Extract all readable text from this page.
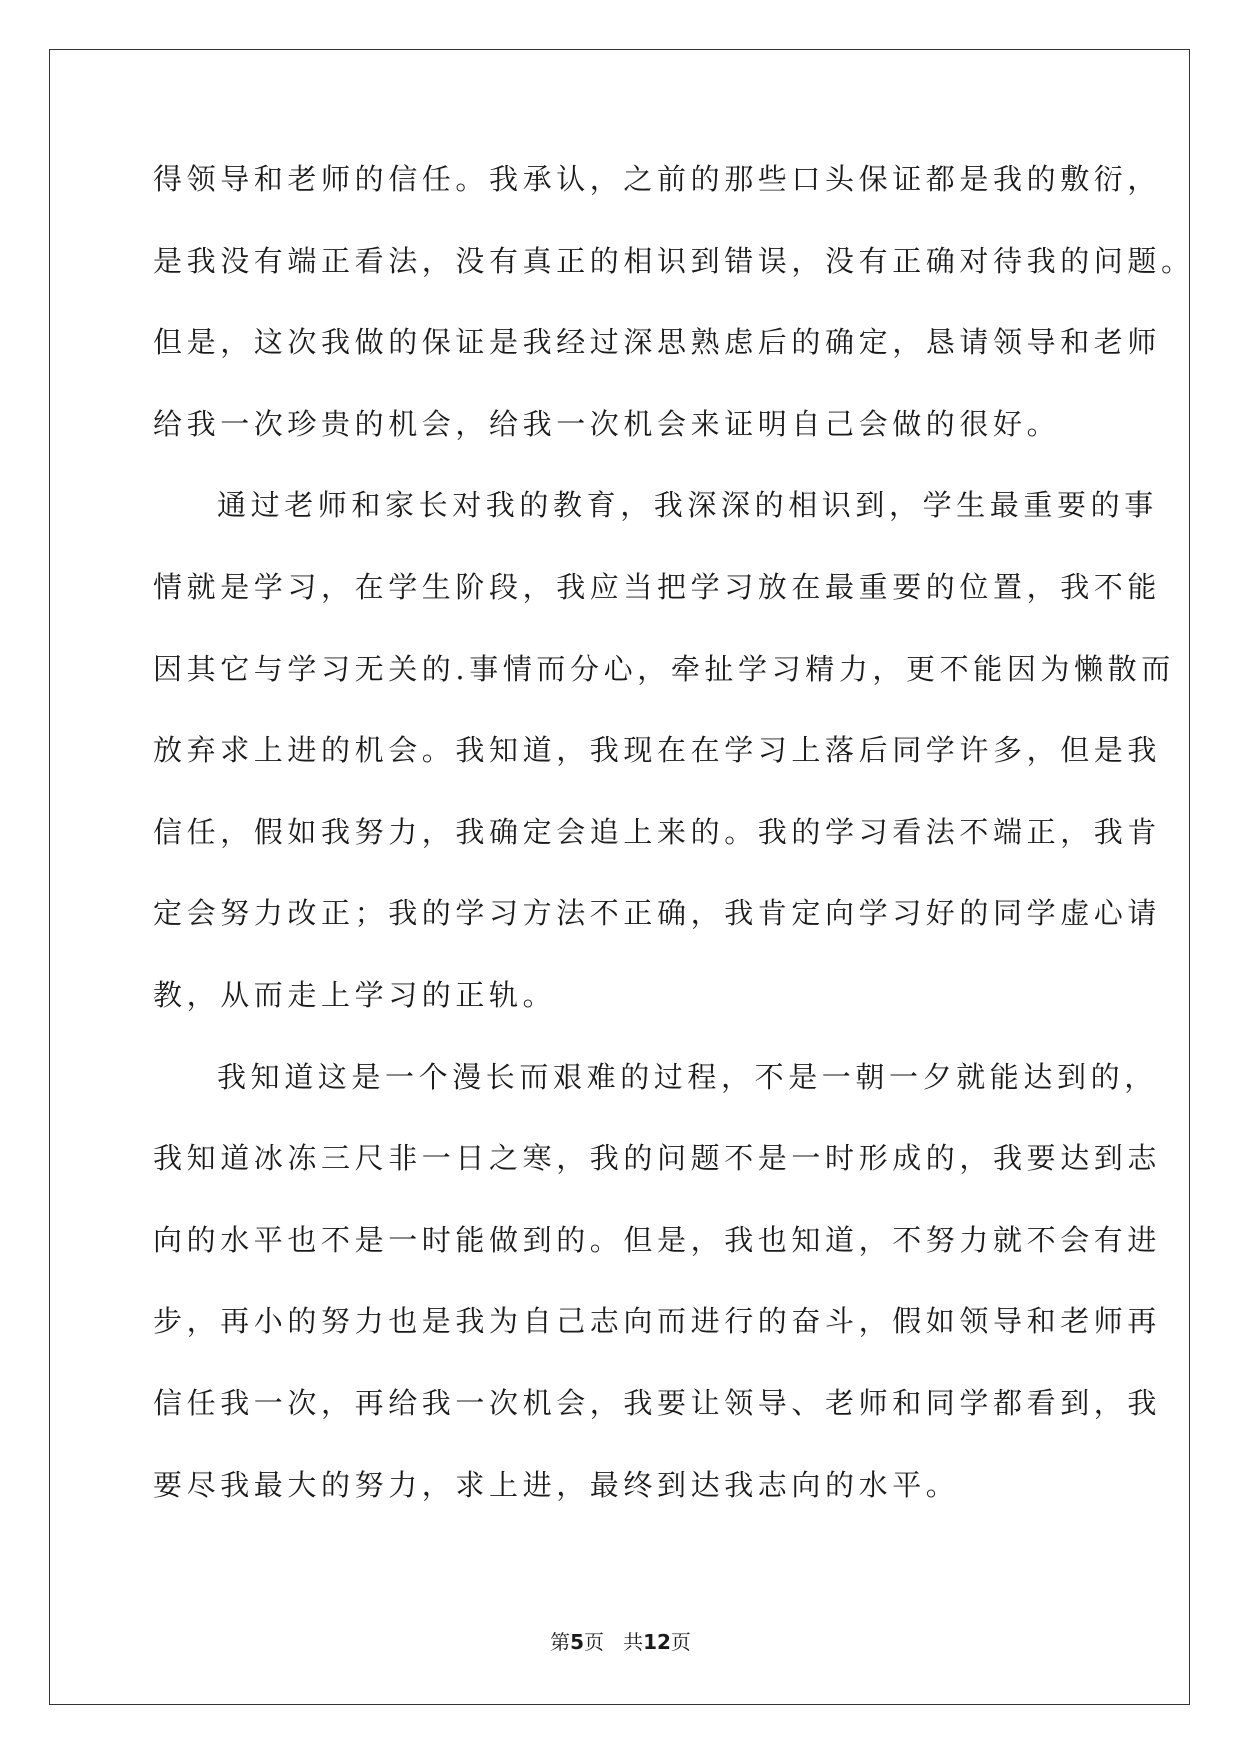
得领导和老师的信任。我承认，之前的那些口头保证都是我的敷衍，
是我没有端正看法，没有真正的相识到错误，没有正确对待我的问题。
但是，这次我做的保证是我经过深思熟虑后的确定，恳请领导和老师
给我一次珍贵的机会，给我一次机会来证明自己会做的很好。
通过老师和家长对我的教育，我深深的相识到，学生最重要的事
情就是学习，在学生阶段，我应当把学习放在最重要的位置，我不能
因其它与学习无关的.事情而分心，牵扯学习精力，更不能因为懒散而
放弃求上进的机会。我知道，我现在在学习上落后同学许多，但是我
信任，假如我努力，我确定会追上来的。我的学习看法不端正，我肯
定会努力改正；我的学习方法不正确，我肯定向学习好的同学虚心请
教，从而走上学习的正轨。
我知道这是一个漫长而艰难的过程，不是一朝一夕就能达到的，
我知道冰冻三尺非一日之寒，我的问题不是一时形成的，我要达到志
向的水平也不是一时能做到的。但是，我也知道，不努力就不会有进
步，再小的努力也是我为自己志向而进行的奋斗，假如领导和老师再
信任我一次，再给我一次机会，我要让领导、老师和同学都看到，我
要尽我最大的努力，求上进，最终到达我志向的水平。
第5页 共12页
